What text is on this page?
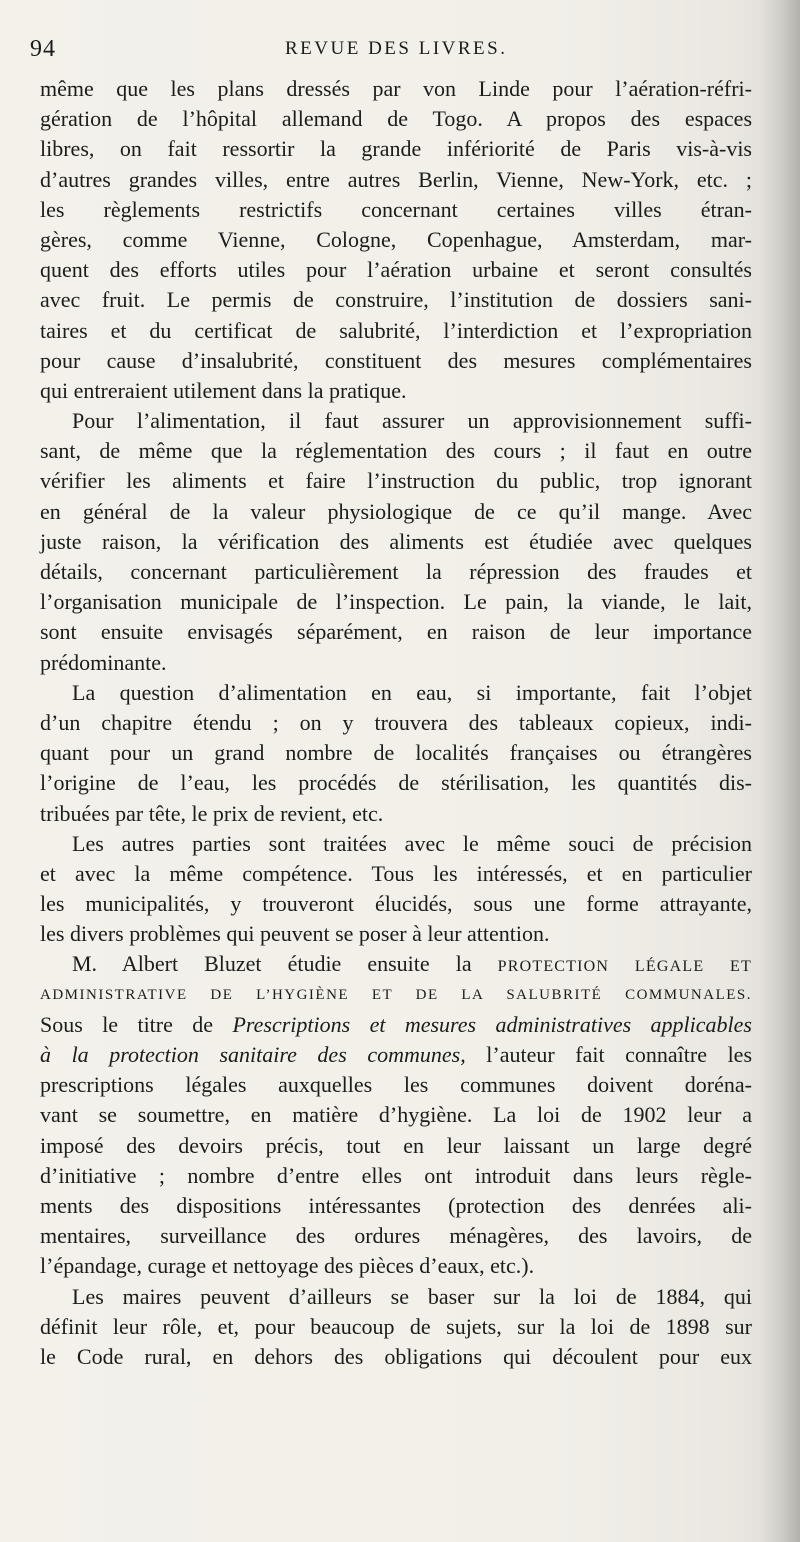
94	REVUE DES LIVRES.
même que les plans dressés par von Linde pour l’aération-réfri-
gération de l’hôpital allemand de Togo. A propos des espaces
libres, on fait ressortir la grande infériorité de Paris vis-à-vis
d’autres grandes villes, entre autres Berlin, Vienne, New-York, etc. ;
les règlements restrictifs concernant certaines villes étran-
gères, comme Vienne, Cologne, Copenhague, Amsterdam, mar-
quent des efforts utiles pour l’aération urbaine et seront consultés
avec fruit. Le permis de construire, l’institution de dossiers sani-
taires et du certificat de salubrité, l’interdiction et l’expropriation
pour cause d’insalubrité, constituent des mesures complémentaires
qui entreraient utilement dans la pratique.
Pour l’alimentation, il faut assurer un approvisionnement suffi-
sant, de même que la réglementation des cours ; il faut en outre
vérifier les aliments et faire l’instruction du public, trop ignorant
en général de la valeur physiologique de ce qu’il mange. Avec
juste raison, la vérification des aliments est étudiée avec quelques
détails, concernant particulièrement la répression des fraudes et
l’organisation municipale de l’inspection. Le pain, la viande, le lait,
sont ensuite envisagés séparément, en raison de leur importance
prédominante.
La question d’alimentation en eau, si importante, fait l’objet
d’un chapitre étendu ; on y trouvera des tableaux copieux, indi-
quant pour un grand nombre de localités françaises ou étrangères
l’origine de l’eau, les procédés de stérilisation, les quantités dis-
tribuées par tête, le prix de revient, etc.
Les autres parties sont traitées avec le même souci de précision
et avec la même compétence. Tous les intéressés, et en particulier
les municipalités, y trouveront élucidés, sous une forme attrayante,
les divers problèmes qui peuvent se poser à leur attention.
M. Albert Bluzet étudie ensuite la PROTECTION LÉGALE ET
ADMINISTRATIVE DE L’HYGIÈNE ET DE LA SALUBRITÉ COMMUNALES.
Sous le titre de Prescriptions et mesures administratives applicables
à la protection sanitaire des communes, l’auteur fait connaître les
prescriptions légales auxquelles les communes doivent doréna-
vant se soumettre, en matière d’hygiène. La loi de 1902 leur a
imposé des devoirs précis, tout en leur laissant un large degré
d’initiative ; nombre d’entre elles ont introduit dans leurs règle-
ments des dispositions intéressantes (protection des denrées ali-
mentaires, surveillance des ordures ménagères, des lavoirs, de
l’épandage, curage et nettoyage des pièces d’eaux, etc.).
Les maires peuvent d’ailleurs se baser sur la loi de 1884, qui
définit leur rôle, et, pour beaucoup de sujets, sur la loi de 1898 sur
le Code rural, en dehors des obligations qui découlent pour eux
